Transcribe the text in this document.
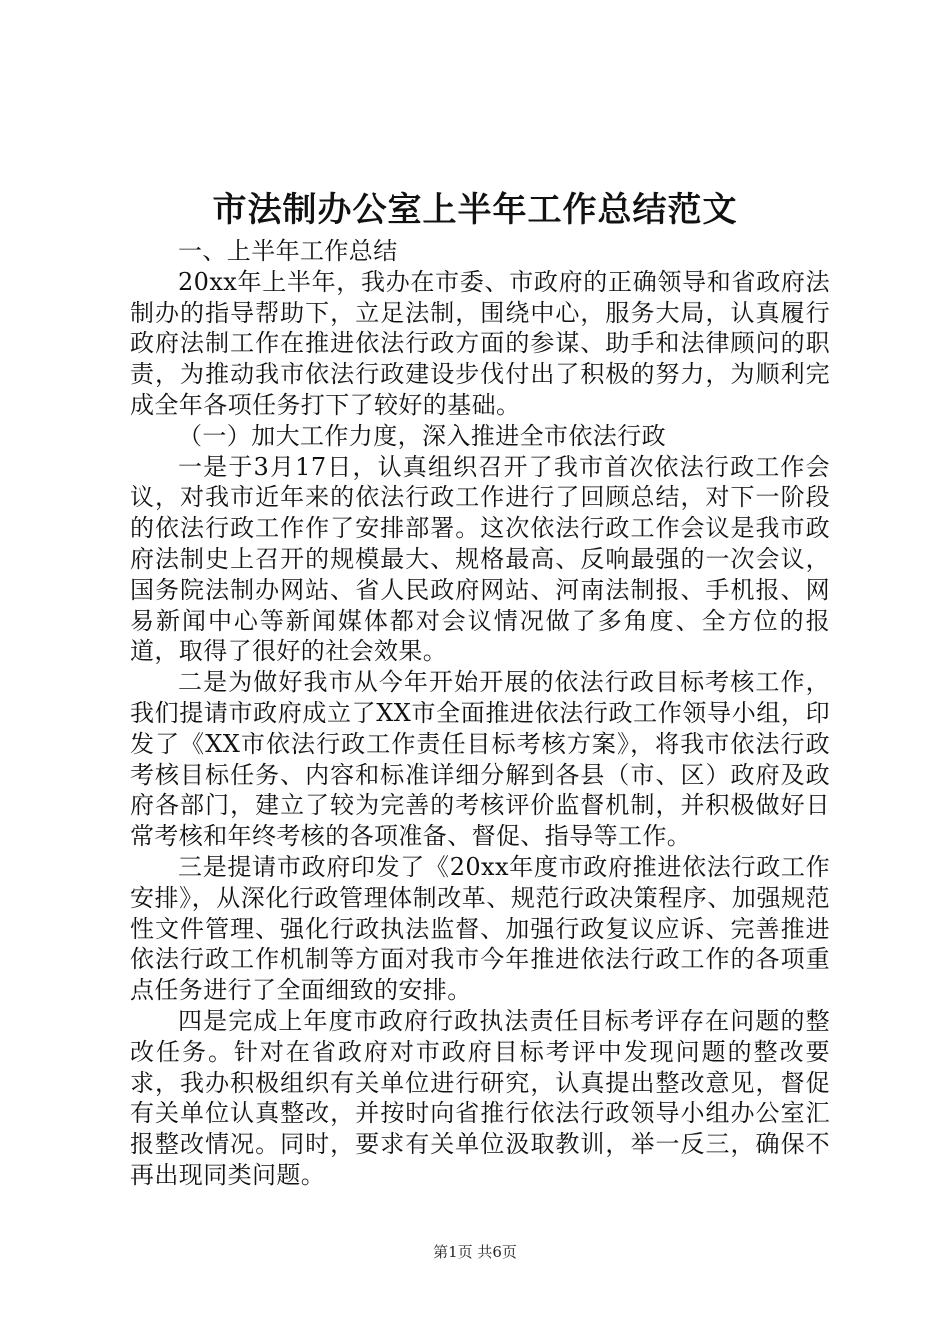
市法制办公室上半年工作总结范文

一、上半年工作总结

20xx年上半年，我办在市委、市政府的正确领导和省政府法制办的指导帮助下，立足法制，围绕中心，服务大局，认真履行政府法制工作在推进依法行政方面的参谋、助手和法律顾问的职责，为推动我市依法行政建设步伐付出了积极的努力，为顺利完成全年各项任务打下了较好的基础。

（一）加大工作力度，深入推进全市依法行政

一是于3月17日，认真组织召开了我市首次依法行政工作会议，对我市近年来的依法行政工作进行了回顾总结，对下一阶段的依法行政工作作了安排部署。这次依法行政工作会议是我市政府法制史上召开的规模最大、规格最高、反响最强的一次会议，国务院法制办网站、省人民政府网站、河南法制报、手机报、网易新闻中心等新闻媒体都对会议情况做了多角度、全方位的报道，取得了很好的社会效果。

二是为做好我市从今年开始开展的依法行政目标考核工作，我们提请市政府成立了XX市全面推进依法行政工作领导小组，印发了《XX市依法行政工作责任目标考核方案》，将我市依法行政考核目标任务、内容和标准详细分解到各县（市、区）政府及政府各部门，建立了较为完善的考核评价监督机制，并积极做好日常考核和年终考核的各项准备、督促、指导等工作。

三是提请市政府印发了《20xx年度市政府推进依法行政工作安排》，从深化行政管理体制改革、规范行政决策程序、加强规范性文件管理、强化行政执法监督、加强行政复议应诉、完善推进依法行政工作机制等方面对我市今年推进依法行政工作的各项重点任务进行了全面细致的安排。

四是完成上年度市政府行政执法责任目标考评存在问题的整改任务。针对在省政府对市政府目标考评中发现问题的整改要求，我办积极组织有关单位进行研究，认真提出整改意见，督促有关单位认真整改，并按时向省推行依法行政领导小组办公室汇报整改情况。同时，要求有关单位汲取教训，举一反三，确保不再出现同类问题。

第1页 共6页
